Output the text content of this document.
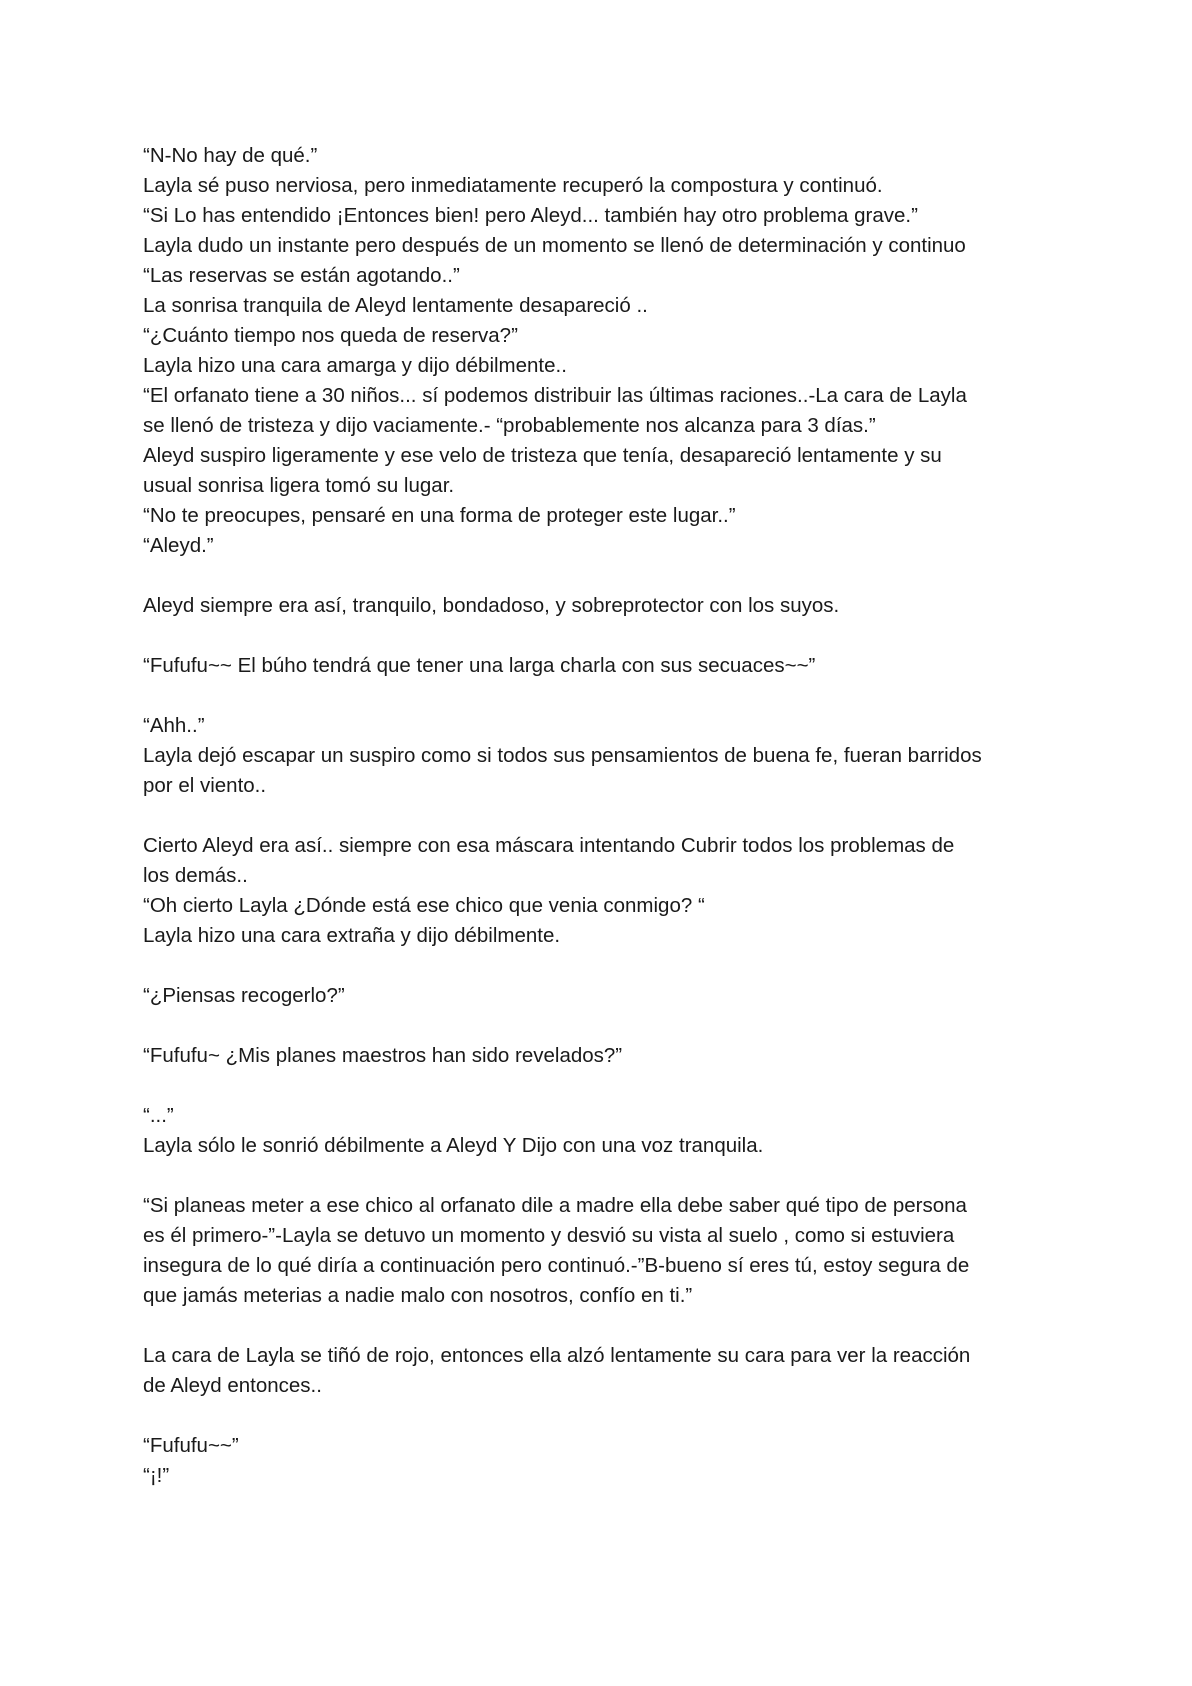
“N-No hay de qué.”
Layla sé puso nerviosa, pero inmediatamente recuperó la compostura y continuó.
“Si Lo has entendido ¡Entonces bien! pero Aleyd... también hay otro problema grave.”
Layla dudo un instante pero después de un momento se llenó de determinación y continuo
“Las reservas se están agotando..”
La sonrisa tranquila de Aleyd lentamente desapareció ..
“¿Cuánto tiempo nos queda de reserva?”
Layla hizo una cara amarga y dijo débilmente..
“El orfanato tiene a 30 niños... sí podemos distribuir las últimas raciones..-La cara de Layla
se llenó de tristeza y dijo vaciamente.- “probablemente nos alcanza para 3 días.”
Aleyd suspiro ligeramente y ese velo de tristeza que tenía, desapareció lentamente y su
usual sonrisa ligera tomó su lugar.
“No te preocupes, pensaré en una forma de proteger este lugar..”
“Aleyd.”
Aleyd siempre era así, tranquilo, bondadoso, y sobreprotector con los suyos.
“Fufufu~~ El búho tendrá que tener una larga charla con sus secuaces~~”
“Ahh..”
Layla dejó escapar un suspiro como si todos sus pensamientos de buena fe, fueran barridos
por el viento..
Cierto Aleyd era así.. siempre con esa máscara intentando Cubrir todos los problemas de
los demás..
“Oh cierto Layla ¿Dónde está ese chico que venia conmigo? “
Layla hizo una cara extraña y dijo débilmente.
“¿Piensas recogerlo?”
“Fufufu~ ¿Mis planes maestros han sido revelados?”
“...”
Layla sólo le sonrió débilmente a Aleyd Y Dijo con una voz tranquila.
“Si planeas meter a ese chico al orfanato dile a madre ella debe saber qué tipo de persona
es él primero-”-Layla se detuvo un momento y desvió su vista al suelo , como si estuviera
insegura de lo qué diría a continuación pero continuó.-”B-bueno sí eres tú, estoy segura de
que jamás meterias a nadie malo con nosotros, confío en ti.”
La cara de Layla se tiñó de rojo, entonces ella alzó lentamente su cara para ver la reacción
de Aleyd entonces..
“Fufufu~~”
“¡!”
